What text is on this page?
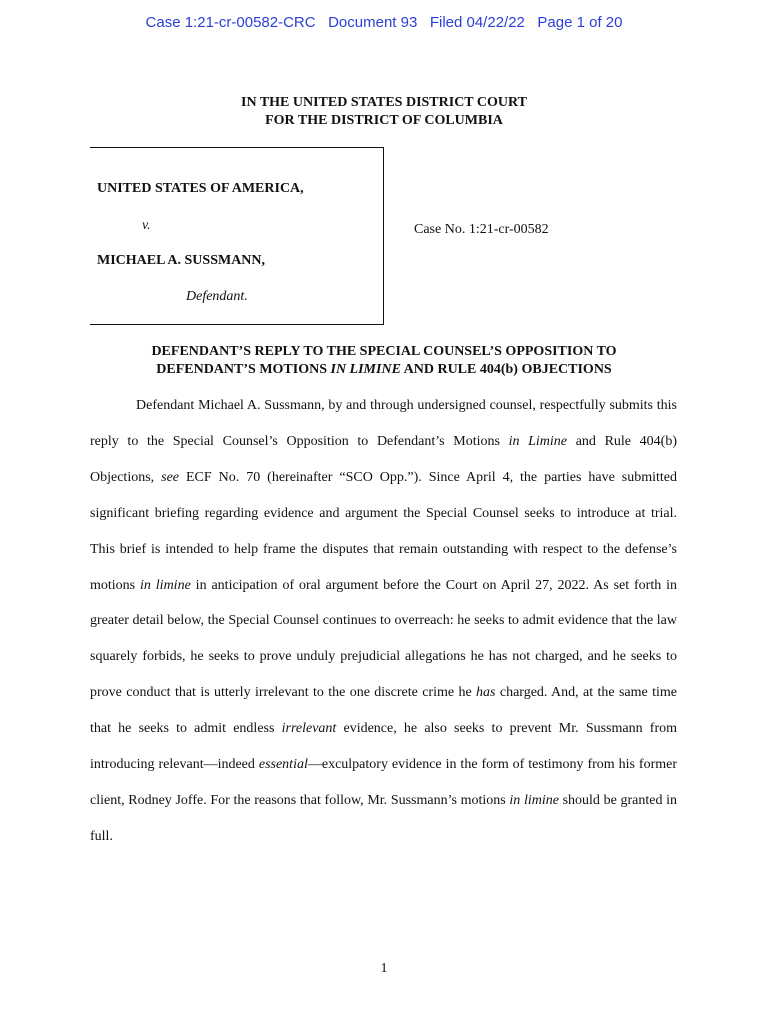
Case 1:21-cr-00582-CRC   Document 93   Filed 04/22/22   Page 1 of 20
IN THE UNITED STATES DISTRICT COURT
FOR THE DISTRICT OF COLUMBIA
UNITED STATES OF AMERICA,
v.
MICHAEL A. SUSSMANN,
Defendant.
Case No. 1:21-cr-00582
DEFENDANT’S REPLY TO THE SPECIAL COUNSEL’S OPPOSITION TO
DEFENDANT’S MOTIONS IN LIMINE AND RULE 404(b) OBJECTIONS

Defendant Michael A. Sussmann, by and through undersigned counsel, respectfully submits this reply to the Special Counsel’s Opposition to Defendant’s Motions in Limine and Rule 404(b) Objections, see ECF No. 70 (hereinafter “SCO Opp.”). Since April 4, the parties have submitted significant briefing regarding evidence and argument the Special Counsel seeks to introduce at trial. This brief is intended to help frame the disputes that remain outstanding with respect to the defense’s motions in limine in anticipation of oral argument before the Court on April 27, 2022. As set forth in greater detail below, the Special Counsel continues to overreach: he seeks to admit evidence that the law squarely forbids, he seeks to prove unduly prejudicial allegations he has not charged, and he seeks to prove conduct that is utterly irrelevant to the one discrete crime he has charged. And, at the same time that he seeks to admit endless irrelevant evidence, he also seeks to prevent Mr. Sussmann from introducing relevant—indeed essential—exculpatory evidence in the form of testimony from his former client, Rodney Joffe. For the reasons that follow, Mr. Sussmann’s motions in limine should be granted in full.

1
